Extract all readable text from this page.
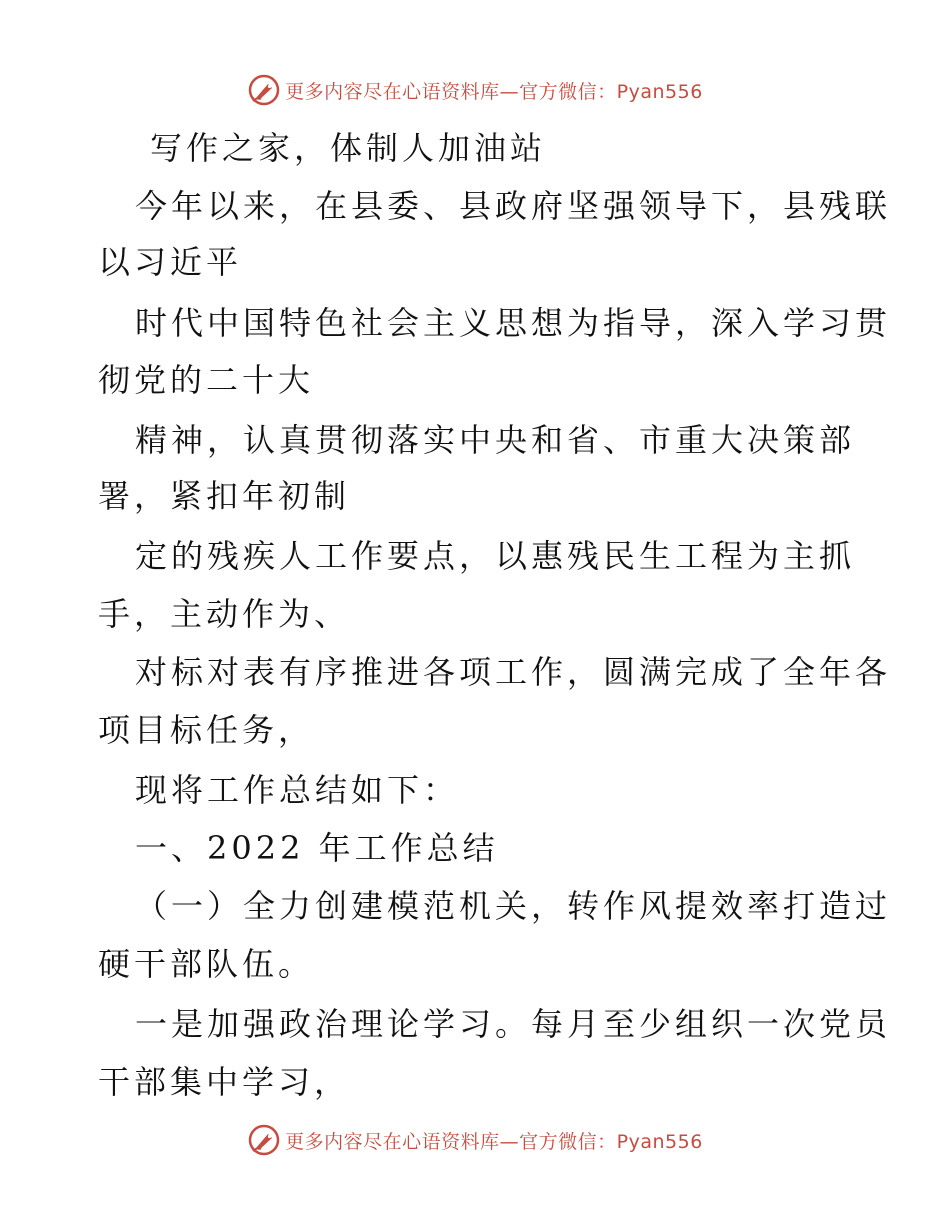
更多内容尽在心语资料库—官方微信：Pyan556
写作之家，体制人加油站
今年以来，在县委、县政府坚强领导下，县残联
以习近平
时代中国特色社会主义思想为指导，深入学习贯
彻党的二十大
精神，认真贯彻落实中央和省、市重大决策部
署，紧扣年初制
定的残疾人工作要点，以惠残民生工程为主抓
手，主动作为、
对标对表有序推进各项工作，圆满完成了全年各
项目标任务，
现将工作总结如下：
一、2022 年工作总结
（一）全力创建模范机关，转作风提效率打造过
硬干部队伍。
一是加强政治理论学习。每月至少组织一次党员
干部集中学习，
更多内容尽在心语资料库—官方微信：Pyan556
